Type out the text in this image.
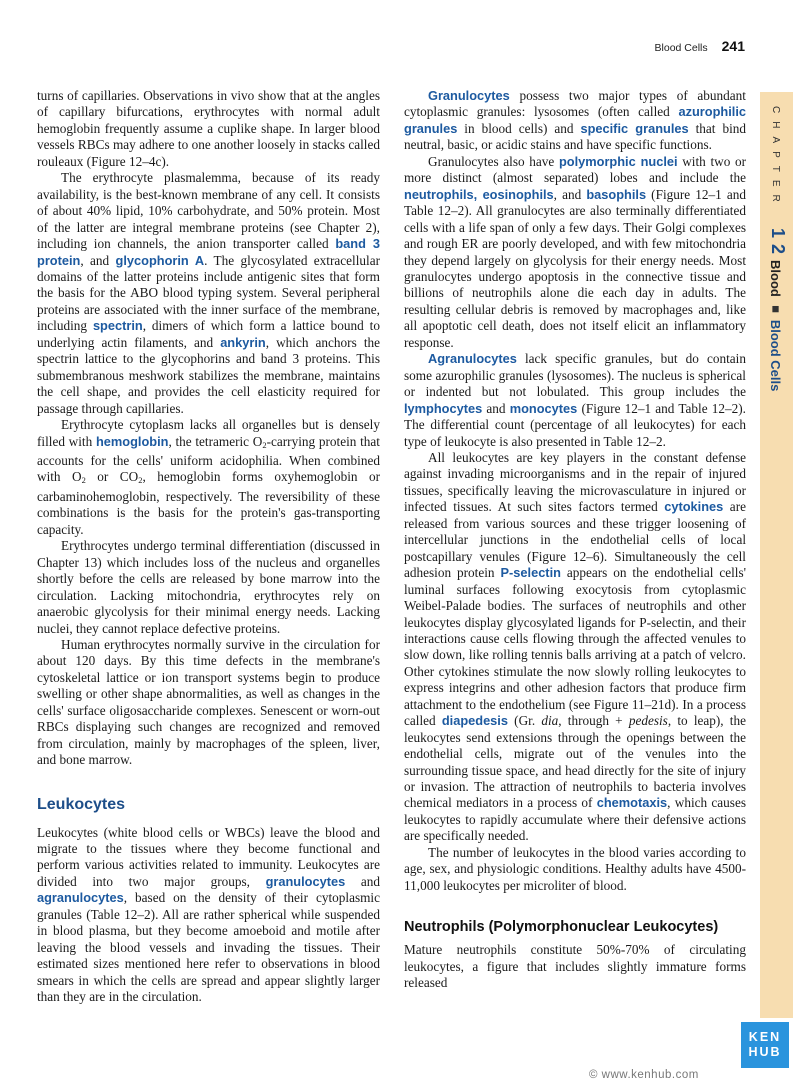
Blood Cells 241

turns of capillaries. Observations in vivo show that at the angles of capillary bifurcations, erythrocytes with normal adult hemoglobin frequently assume a cuplike shape. In larger blood vessels RBCs may adhere to one another loosely in stacks called rouleaux (Figure 12–4c).

The erythrocyte plasmalemma, because of its ready availability, is the best-known membrane of any cell. It consists of about 40% lipid, 10% carbohydrate, and 50% protein. Most of the latter are integral membrane proteins (see Chapter 2), including ion channels, the anion transporter called band 3 protein, and glycophorin A. The glycosylated extracellular domains of the latter proteins include antigenic sites that form the basis for the ABO blood typing system. Several peripheral proteins are associated with the inner surface of the membrane, including spectrin, dimers of which form a lattice bound to underlying actin filaments, and ankyrin, which anchors the spectrin lattice to the glycophorins and band 3 proteins. This submembranous meshwork stabilizes the membrane, maintains the cell shape, and provides the cell elasticity required for passage through capillaries.

Erythrocyte cytoplasm lacks all organelles but is densely filled with hemoglobin, the tetrameric $O_2$-carrying protein that accounts for the cells' uniform acidophilia. When combined with $O_2$ or $CO_2$, hemoglobin forms oxyhemoglobin or carbaminohemoglobin, respectively. The reversibility of these combinations is the basis for the protein's gas-transporting capacity.

Erythrocytes undergo terminal differentiation (discussed in Chapter 13) which includes loss of the nucleus and organelles shortly before the cells are released by bone marrow into the circulation. Lacking mitochondria, erythrocytes rely on anaerobic glycolysis for their minimal energy needs. Lacking nuclei, they cannot replace defective proteins.

Human erythrocytes normally survive in the circulation for about 120 days. By this time defects in the membrane's cytoskeletal lattice or ion transport systems begin to produce swelling or other shape abnormalities, as well as changes in the cells' surface oligosaccharide complexes. Senescent or worn-out RBCs displaying such changes are recognized and removed from circulation, mainly by macrophages of the spleen, liver, and bone marrow.

Leukocytes

Leukocytes (white blood cells or WBCs) leave the blood and migrate to the tissues where they become functional and perform various activities related to immunity. Leukocytes are divided into two major groups, granulocytes and agranulocytes, based on the density of their cytoplasmic granules (Table 12–2). All are rather spherical while suspended in blood plasma, but they become amoeboid and motile after leaving the blood vessels and invading the tissues. Their estimated sizes mentioned here refer to observations in blood smears in which the cells are spread and appear slightly larger than they are in the circulation.

Granulocytes possess two major types of abundant cytoplasmic granules: lysosomes (often called azurophilic granules in blood cells) and specific granules that bind neutral, basic, or acidic stains and have specific functions.

Granulocytes also have polymorphic nuclei with two or more distinct (almost separated) lobes and include the neutrophils, eosinophils, and basophils (Figure 12–1 and Table 12–2). All granulocytes are also terminally differentiated cells with a life span of only a few days. Their Golgi complexes and rough ER are poorly developed, and with few mitochondria they depend largely on glycolysis for their energy needs. Most granulocytes undergo apoptosis in the connective tissue and billions of neutrophils alone die each day in adults. The resulting cellular debris is removed by macrophages and, like all apoptotic cell death, does not itself elicit an inflammatory response.

Agranulocytes lack specific granules, but do contain some azurophilic granules (lysosomes). The nucleus is spherical or indented but not lobulated. This group includes the lymphocytes and monocytes (Figure 12–1 and Table 12–2). The differential count (percentage of all leukocytes) for each type of leukocyte is also presented in Table 12–2.

All leukocytes are key players in the constant defense against invading microorganisms and in the repair of injured tissues, specifically leaving the microvasculature in injured or infected tissues. At such sites factors termed cytokines are released from various sources and these trigger loosening of intercellular junctions in the endothelial cells of local postcapillary venules (Figure 12–6). Simultaneously the cell adhesion protein P-selectin appears on the endothelial cells' luminal surfaces following exocytosis from cytoplasmic Weibel-Palade bodies. The surfaces of neutrophils and other leukocytes display glycosylated ligands for P-selectin, and their interactions cause cells flowing through the affected venules to slow down, like rolling tennis balls arriving at a patch of velcro. Other cytokines stimulate the now slowly rolling leukocytes to express integrins and other adhesion factors that produce firm attachment to the endothelium (see Figure 11–21d). In a process called diapedesis (Gr. dia, through + pedesis, to leap), the leukocytes send extensions through the openings between the endothelial cells, migrate out of the venules into the surrounding tissue space, and head directly for the site of injury or invasion. The attraction of neutrophils to bacteria involves chemical mediators in a process of chemotaxis, which causes leukocytes to rapidly accumulate where their defensive actions are specifically needed.

The number of leukocytes in the blood varies according to age, sex, and physiologic conditions. Healthy adults have 4500-11,000 leukocytes per microliter of blood.

Neutrophils (Polymorphonuclear Leukocytes)

Mature neutrophils constitute 50%-70% of circulating leukocytes, a figure that includes slightly immature forms released

CHAPTER
12
Blood■Blood Cells
KEN
HUB
© www.kenhub.com
